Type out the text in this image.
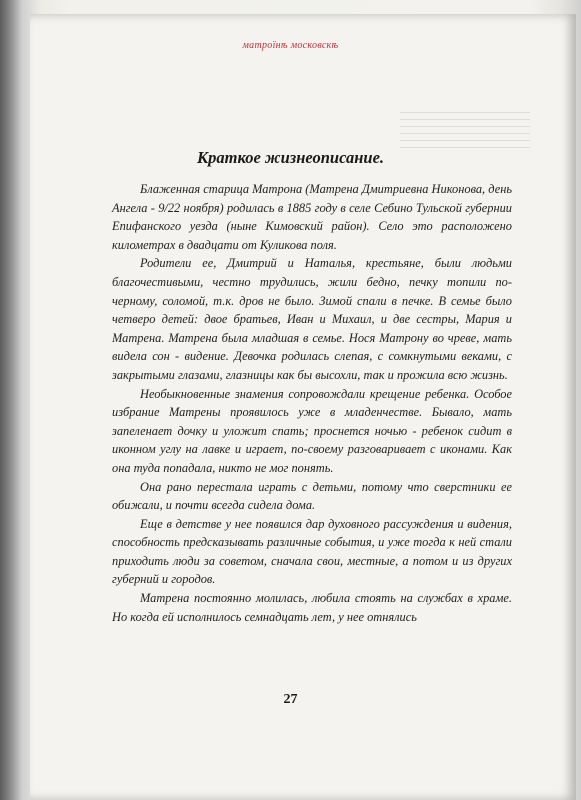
матроїнѣ московскѣ
Краткое жизнеописание.

Блаженная старица Матрона (Матрена Дмитриевна Никонова, день Ангела - 9/22 ноября) родилась в 1885 году в селе Себино Тульской губернии Епифанского уезда (ныне Кимовский район). Село это расположено километрах в двадцати от Куликова поля.

Родители ее, Дмитрий и Наталья, крестьяне, были людьми благочестивыми, честно трудились, жили бедно, печку топили по-черному, соломой, т.к. дров не было. Зимой спали в печке. В семье было четверо детей: двое братьев, Иван и Михаил, и две сестры, Мария и Матрена. Матрена была младшая в семье. Нося Матрону во чреве, мать видела сон - видение. Девочка родилась слепая, с сомкнутыми веками, с закрытыми глазами, глазницы как бы высохли, так и прожила всю жизнь.

Необыкновенные знамения сопровождали крещение ребенка. Особое избрание Матрены проявилось уже в младенчестве. Бывало, мать запеленает дочку и уложит спать; проснется ночью - ребенок сидит в иконном углу на лавке и играет, по-своему разговаривает с иконами. Как она туда попадала, никто не мог понять.

Она рано перестала играть с детьми, потому что сверстники ее обижали, и почти всегда сидела дома.

Еще в детстве у нее появился дар духовного рассуждения и видения, способность предсказывать различные события, и уже тогда к ней стали приходить люди за советом, сначала свои, местные, а потом и из других губерний и городов.

Матрена постоянно молилась, любила стоять на службах в храме. Но когда ей исполнилось семнадцать лет, у нее отнялись

27
